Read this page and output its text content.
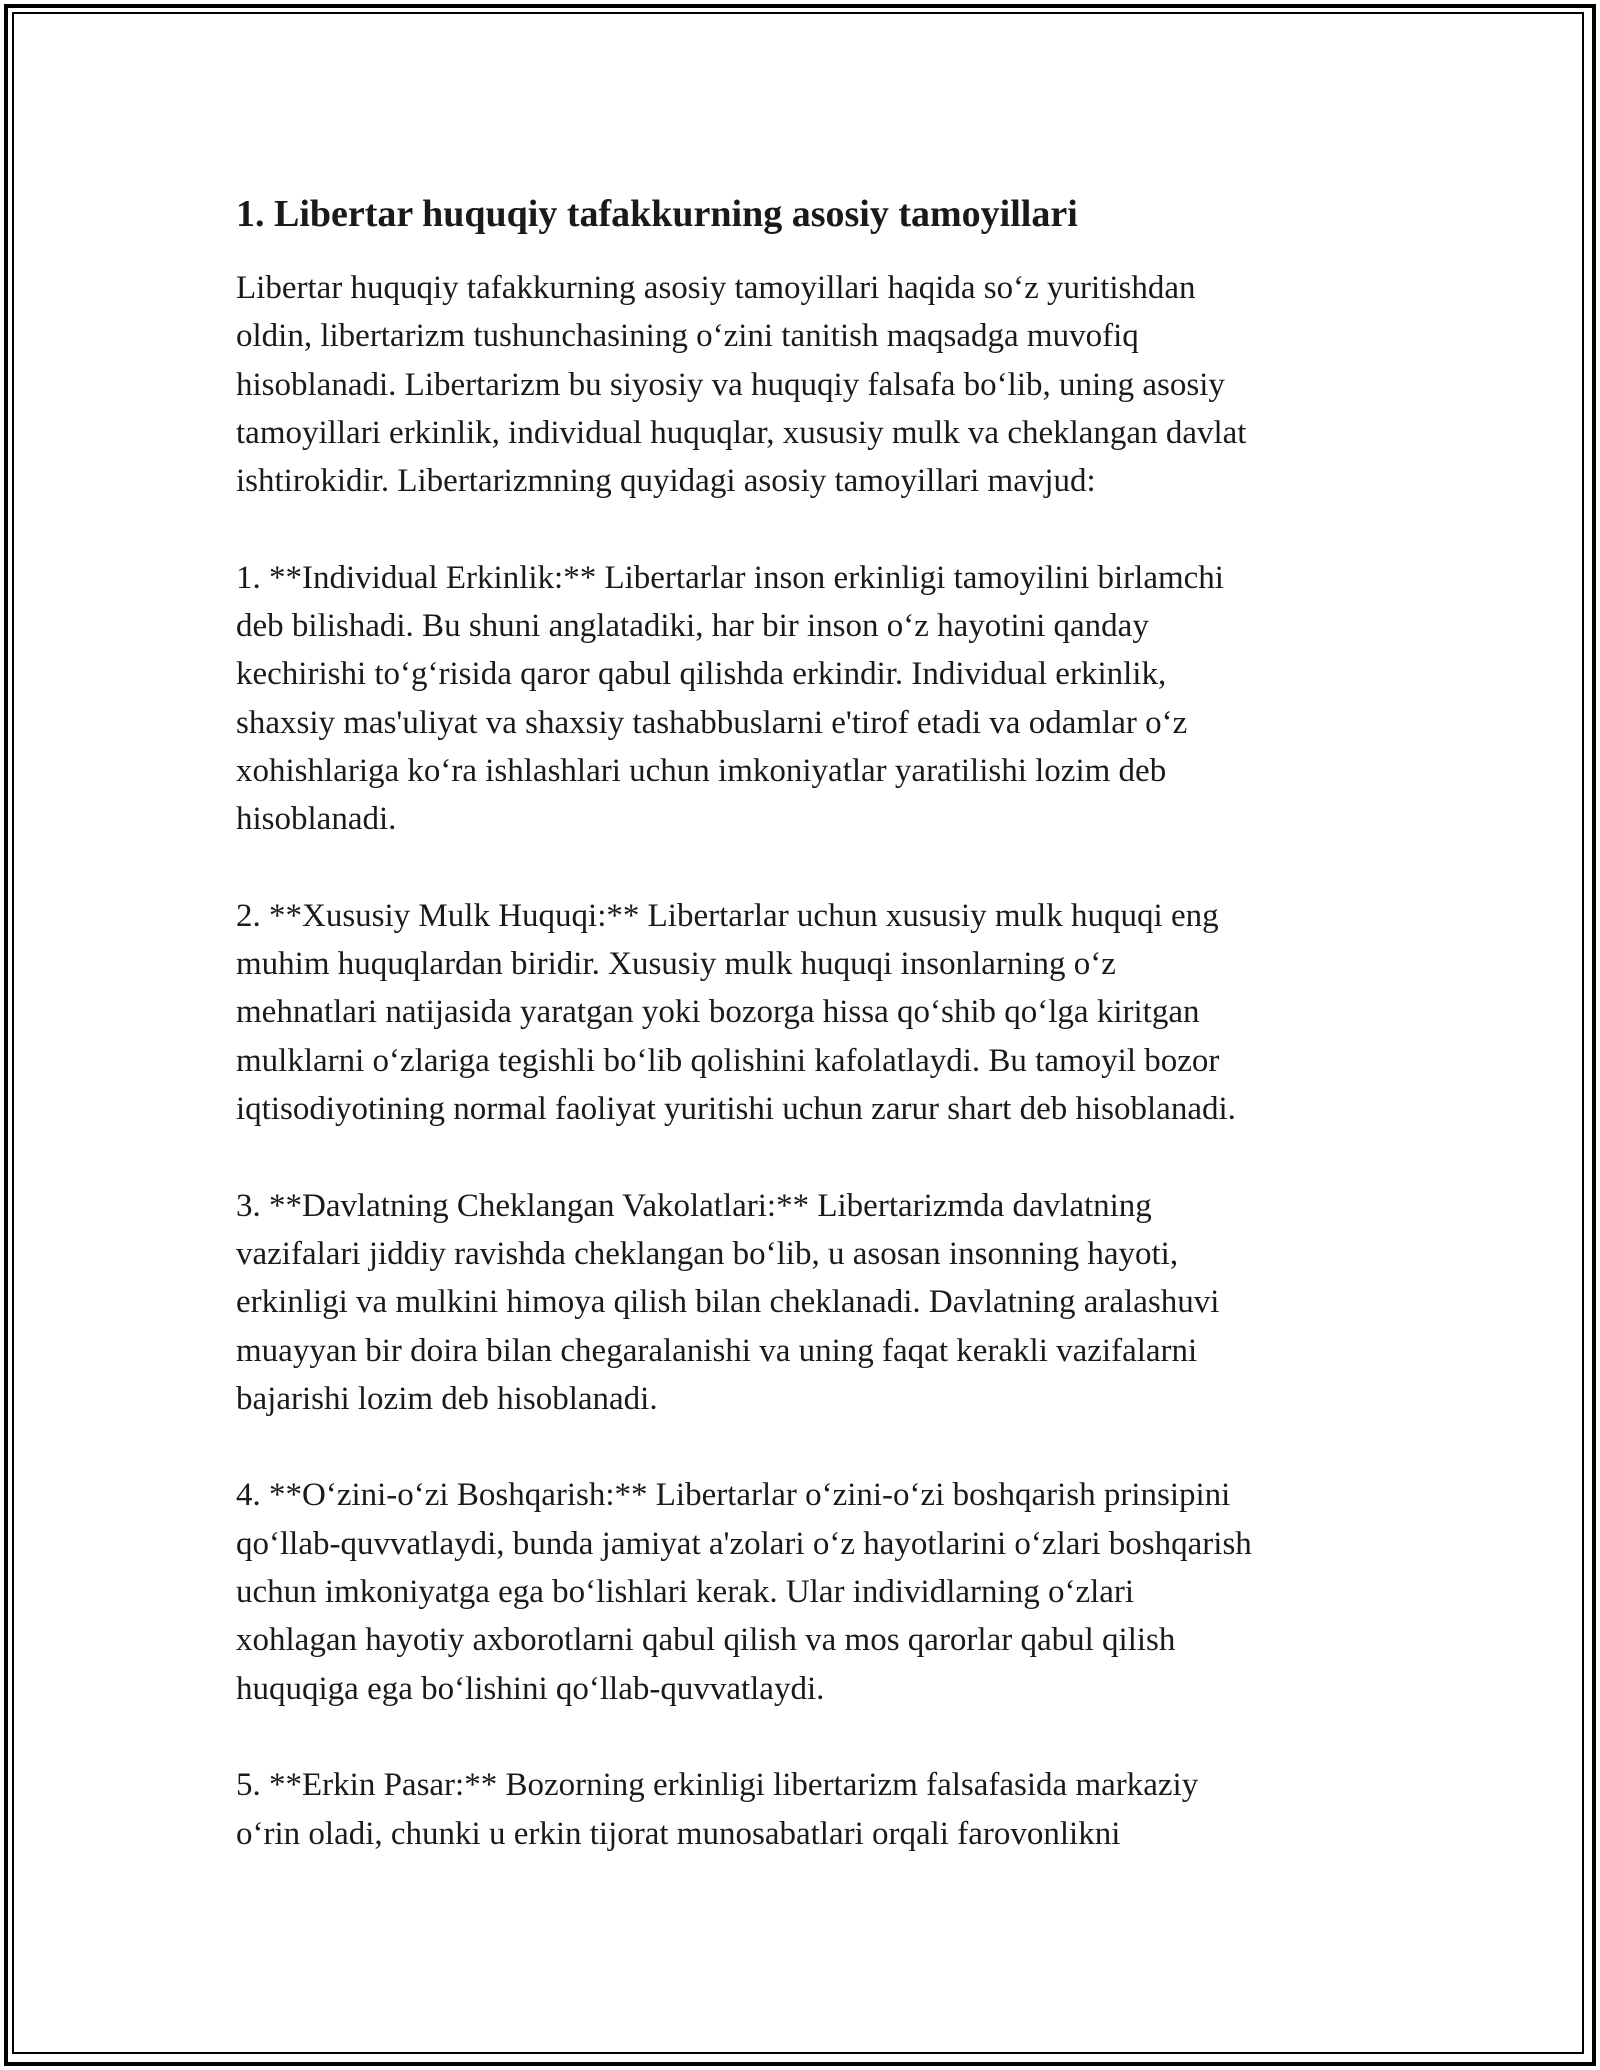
1. Libertar huquqiy tafakkurning asosiy tamoyillari
Libertar huquqiy tafakkurning asosiy tamoyillari haqida soʻz yuritishdan
oldin, libertarizm tushunchasining oʻzini tanitish maqsadga muvofiq
hisoblanadi. Libertarizm bu siyosiy va huquqiy falsafa boʻlib, uning asosiy
tamoyillari erkinlik, individual huquqlar, xususiy mulk va cheklangan davlat
ishtirokidir. Libertarizmning quyidagi asosiy tamoyillari mavjud:
1. **Individual Erkinlik:** Libertarlar inson erkinligi tamoyilini birlamchi
deb bilishadi. Bu shuni anglatadiki, har bir inson oʻz hayotini qanday
kechirishi toʻgʻrisida qaror qabul qilishda erkindir. Individual erkinlik,
shaxsiy mas'uliyat va shaxsiy tashabbuslarni e'tirof etadi va odamlar oʻz
xohishlariga koʻra ishlashlari uchun imkoniyatlar yaratilishi lozim deb
hisoblanadi.
2. **Xususiy Mulk Huquqi:** Libertarlar uchun xususiy mulk huquqi eng
muhim huquqlardan biridir. Xususiy mulk huquqi insonlarning oʻz
mehnatlari natijasida yaratgan yoki bozorga hissa qoʻshib qoʻlga kiritgan
mulklarni oʻzlariga tegishli boʻlib qolishini kafolatlaydi. Bu tamoyil bozor
iqtisodiyotining normal faoliyat yuritishi uchun zarur shart deb hisoblanadi.
3. **Davlatning Cheklangan Vakolatlari:** Libertarizmda davlatning
vazifalari jiddiy ravishda cheklangan boʻlib, u asosan insonning hayoti,
erkinligi va mulkini himoya qilish bilan cheklanadi. Davlatning aralashuvi
muayyan bir doira bilan chegaralanishi va uning faqat kerakli vazifalarni
bajarishi lozim deb hisoblanadi.
4. **Oʻzini-oʻzi Boshqarish:** Libertarlar oʻzini-oʻzi boshqarish prinsipini
qoʻllab-quvvatlaydi, bunda jamiyat a'zolari oʻz hayotlarini oʻzlari boshqarish
uchun imkoniyatga ega boʻlishlari kerak. Ular individlarning oʻzlari
xohlagan hayotiy axborotlarni qabul qilish va mos qarorlar qabul qilish
huquqiga ega boʻlishini qoʻllab-quvvatlaydi.
5. **Erkin Pasar:** Bozorning erkinligi libertarizm falsafasida markaziy
oʻrin oladi, chunki u erkin tijorat munosabatlari orqali farovonlikni
